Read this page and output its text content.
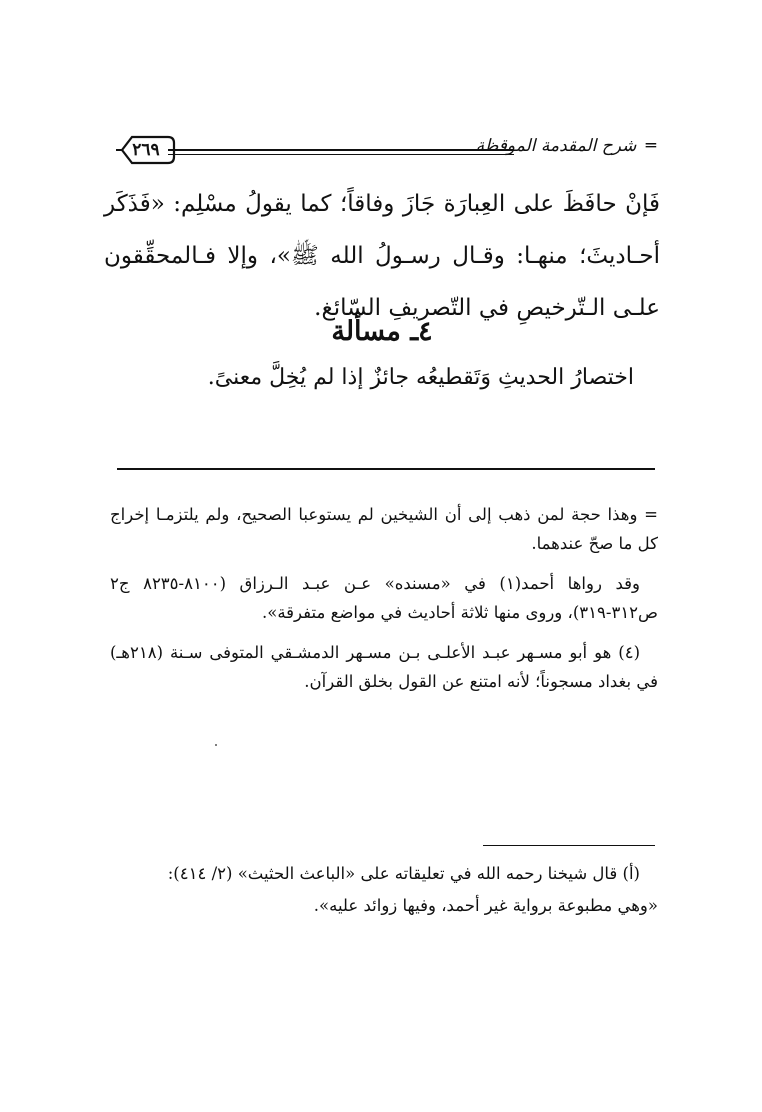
٢٦٩	═ شرح المقدمة الموقظة

فَإنْ حافَظَ على العِبارَة جَازَ وفاقاً؛ كما يقولُ مسْلِم: «فَذَكَر أحـاديثَ؛ منهـا: وقـال رسـولُ الله ﷺ»، وإلا فـالمحقِّقون علـى الـتّرخيصِ في التّصريفِ السّائغ.

٤ـ مسألة
اختصارُ الحديثِ وَتَقطيعُه جائزٌ إذا لم يُخِلَّ معنىً.

= وهذا حجة لمن ذهب إلى أن الشيخين لم يستوعبا الصحيح، ولم يلتزمـا إخراج كل ما صحّ عندهما.

وقد رواها أحمد(١) في «مسنده» عـن عبـد الـرزاق (٨١٠٠-٨٢٣٥ ج٢ ص٣١٢-٣١٩)، وروى منها ثلاثة أحاديث في مواضع متفرقة».

(٤) هو أبو مسـهر عبـد الأعلـى بـن مسـهر الدمشـقي المتوفى سـنة (٢١٨هـ) في بغداد مسجوناً؛ لأنه امتنع عن القول بخلق القرآن.

(أ) قال شيخنا رحمه الله في تعليقاته على «الباعث الحثيث» (٢/ ٤١٤):

«وهي مطبوعة برواية غير أحمد، وفيها زوائد عليه».
